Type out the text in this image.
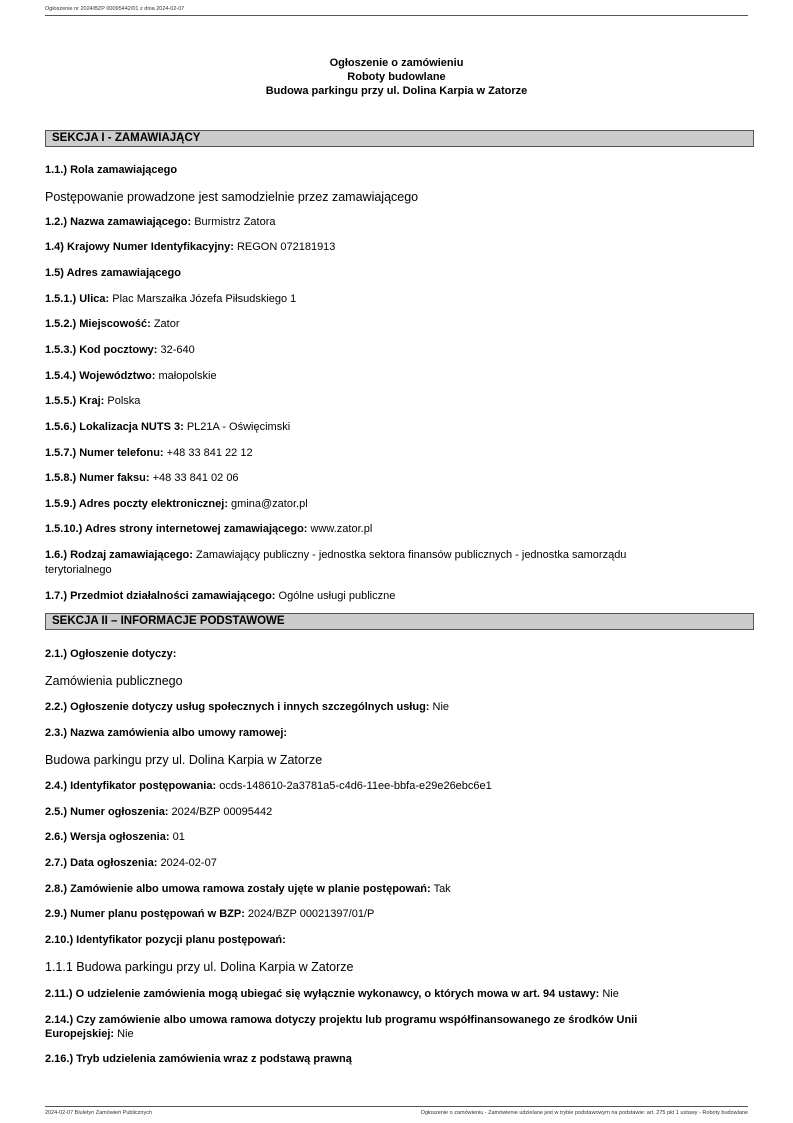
Ogłoszenie nr 2024/BZP 00095442/01 z dnia 2024-02-07
Ogłoszenie o zamówieniu
Roboty budowlane
Budowa parkingu przy ul. Dolina Karpia w Zatorze
SEKCJA I - ZAMAWIAJĄCY
1.1.) Rola zamawiającego
Postępowanie prowadzone jest samodzielnie przez zamawiającego
1.2.) Nazwa zamawiającego: Burmistrz Zatora
1.4) Krajowy Numer Identyfikacyjny: REGON 072181913
1.5) Adres zamawiającego
1.5.1.) Ulica: Plac Marszałka Józefa Piłsudskiego 1
1.5.2.) Miejscowość: Zator
1.5.3.) Kod pocztowy: 32-640
1.5.4.) Województwo: małopolskie
1.5.5.) Kraj: Polska
1.5.6.) Lokalizacja NUTS 3: PL21A - Oświęcimski
1.5.7.) Numer telefonu: +48 33 841 22 12
1.5.8.) Numer faksu: +48 33 841 02 06
1.5.9.) Adres poczty elektronicznej: gmina@zator.pl
1.5.10.) Adres strony internetowej zamawiającego: www.zator.pl
1.6.) Rodzaj zamawiającego: Zamawiający publiczny - jednostka sektora finansów publicznych - jednostka samorządu
terytorialnego
1.7.) Przedmiot działalności zamawiającego: Ogólne usługi publiczne
SEKCJA II – INFORMACJE PODSTAWOWE
2.1.) Ogłoszenie dotyczy:
Zamówienia publicznego
2.2.) Ogłoszenie dotyczy usług społecznych i innych szczególnych usług: Nie
2.3.) Nazwa zamówienia albo umowy ramowej:
Budowa parkingu przy ul. Dolina Karpia w Zatorze
2.4.) Identyfikator postępowania: ocds-148610-2a3781a5-c4d6-11ee-bbfa-e29e26ebc6e1
2.5.) Numer ogłoszenia: 2024/BZP 00095442
2.6.) Wersja ogłoszenia: 01
2.7.) Data ogłoszenia: 2024-02-07
2.8.) Zamówienie albo umowa ramowa zostały ujęte w planie postępowań: Tak
2.9.) Numer planu postępowań w BZP: 2024/BZP 00021397/01/P
2.10.) Identyfikator pozycji planu postępowań:
1.1.1 Budowa parkingu przy ul. Dolina Karpia w Zatorze
2.11.) O udzielenie zamówienia mogą ubiegać się wyłącznie wykonawcy, o których mowa w art. 94 ustawy: Nie
2.14.) Czy zamówienie albo umowa ramowa dotyczy projektu lub programu współfinansowanego ze środków Unii
Europejskiej: Nie
2.16.) Tryb udzielenia zamówienia wraz z podstawą prawną
2024-02-07 Biuletyn Zamówień Publicznych	Ogłoszenie o zamówieniu - Zamówienie udzielane jest w trybie podstawowym na podstawie: art. 275 pkt 1 ustawy - Roboty budowlane
